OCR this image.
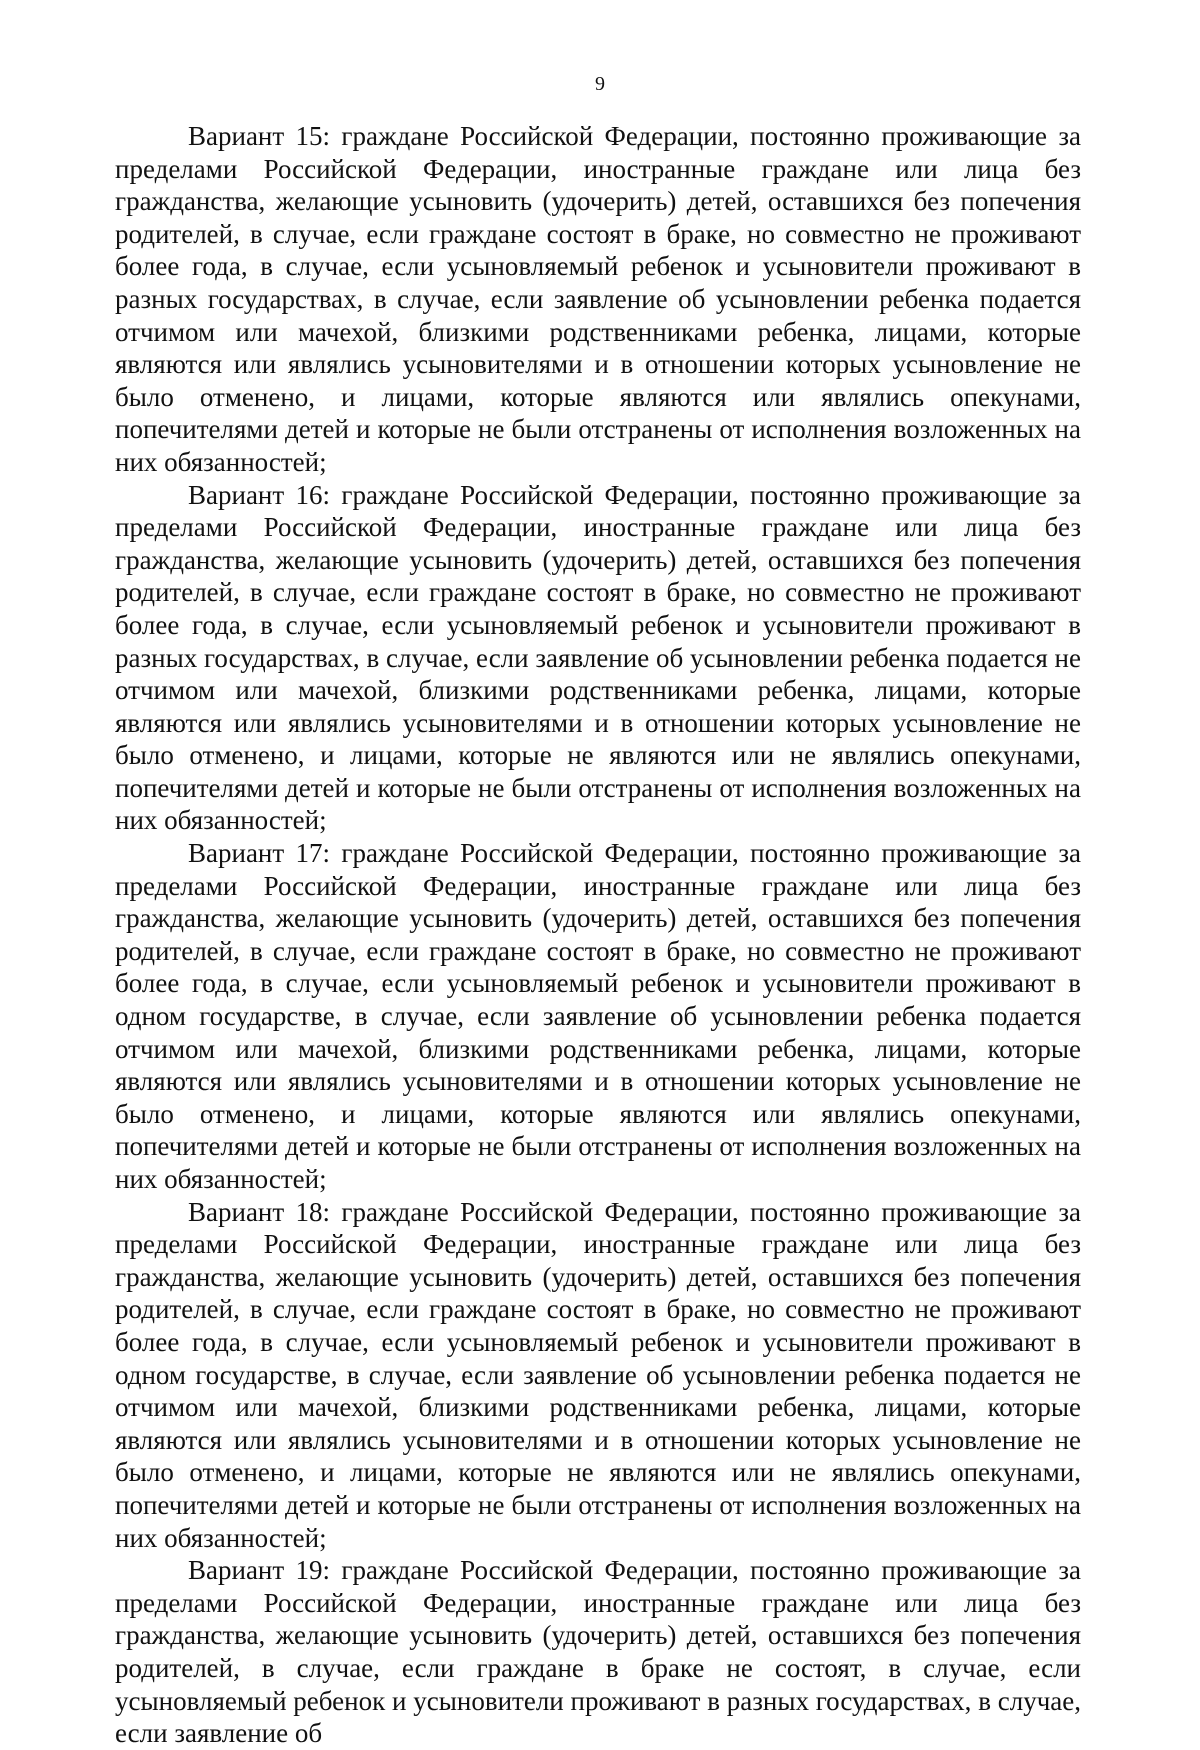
9

Вариант 15: граждане Российской Федерации, постоянно проживающие за пределами Российской Федерации, иностранные граждане или лица без гражданства, желающие усыновить (удочерить) детей, оставшихся без попечения родителей, в случае, если граждане состоят в браке, но совместно не проживают более года, в случае, если усыновляемый ребенок и усыновители проживают в разных государствах, в случае, если заявление об усыновлении ребенка подается отчимом или мачехой, близкими родственниками ребенка, лицами, которые являются или являлись усыновителями и в отношении которых усыновление не было отменено, и лицами, которые являются или являлись опекунами, попечителями детей и которые не были отстранены от исполнения возложенных на них обязанностей;

Вариант 16: граждане Российской Федерации, постоянно проживающие за пределами Российской Федерации, иностранные граждане или лица без гражданства, желающие усыновить (удочерить) детей, оставшихся без попечения родителей, в случае, если граждане состоят в браке, но совместно не проживают более года, в случае, если усыновляемый ребенок и усыновители проживают в разных государствах, в случае, если заявление об усыновлении ребенка подается не отчимом или мачехой, близкими родственниками ребенка, лицами, которые являются или являлись усыновителями и в отношении которых усыновление не было отменено, и лицами, которые не являются или не являлись опекунами, попечителями детей и которые не были отстранены от исполнения возложенных на них обязанностей;

Вариант 17: граждане Российской Федерации, постоянно проживающие за пределами Российской Федерации, иностранные граждане или лица без гражданства, желающие усыновить (удочерить) детей, оставшихся без попечения родителей, в случае, если граждане состоят в браке, но совместно не проживают более года, в случае, если усыновляемый ребенок и усыновители проживают в одном государстве, в случае, если заявление об усыновлении ребенка подается отчимом или мачехой, близкими родственниками ребенка, лицами, которые являются или являлись усыновителями и в отношении которых усыновление не было отменено, и лицами, которые являются или являлись опекунами, попечителями детей и которые не были отстранены от исполнения возложенных на них обязанностей;

Вариант 18: граждане Российской Федерации, постоянно проживающие за пределами Российской Федерации, иностранные граждане или лица без гражданства, желающие усыновить (удочерить) детей, оставшихся без попечения родителей, в случае, если граждане состоят в браке, но совместно не проживают более года, в случае, если усыновляемый ребенок и усыновители проживают в одном государстве, в случае, если заявление об усыновлении ребенка подается не отчимом или мачехой, близкими родственниками ребенка, лицами, которые являются или являлись усыновителями и в отношении которых усыновление не было отменено, и лицами, которые не являются или не являлись опекунами, попечителями детей и которые не были отстранены от исполнения возложенных на них обязанностей;

Вариант 19: граждане Российской Федерации, постоянно проживающие за пределами Российской Федерации, иностранные граждане или лица без гражданства, желающие усыновить (удочерить) детей, оставшихся без попечения родителей, в случае, если граждане в браке не состоят, в случае, если усыновляемый ребенок и усыновители проживают в разных государствах, в случае, если заявление об
